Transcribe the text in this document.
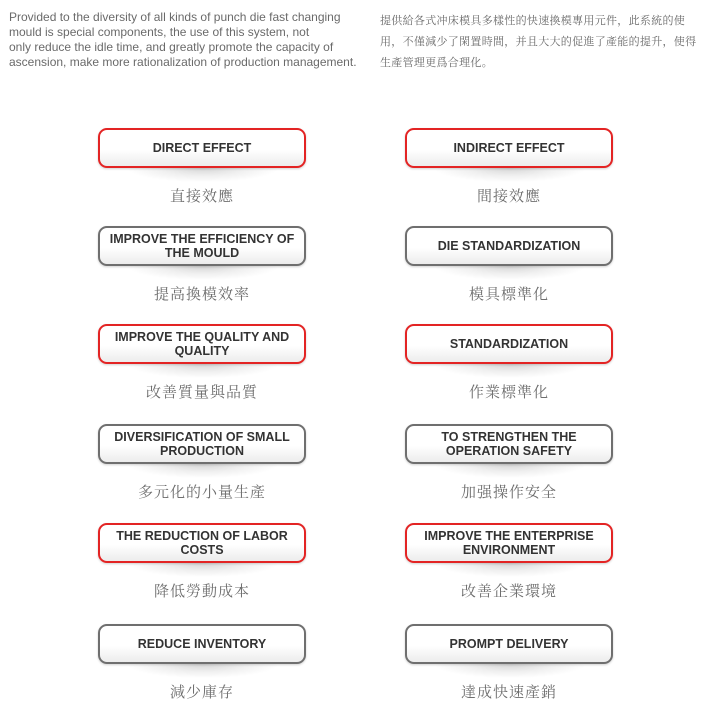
Provided to the diversity of all kinds of punch die fast changing
mould is special components, the use of this system, not
only reduce the idle time, and greatly promote the capacity of
ascension, make more rationalization of production management.

提供給各式冲床模具多樣性的快速換模專用元件，此系統的使
用，不僅減少了閑置時間，并且大大的促進了產能的提升，使得
生產管理更爲合理化。

DIRECT EFFECT
直接效應
INDIRECT EFFECT
間接效應
IMPROVE THE EFFICIENCY OF THE MOULD
提高換模效率
DIE STANDARDIZATION
模具標準化
IMPROVE THE QUALITY AND QUALITY
改善質量與品質
STANDARDIZATION
作業標準化
DIVERSIFICATION OF SMALL PRODUCTION
多元化的小量生產
TO STRENGTHEN THE OPERATION SAFETY
加强操作安全
THE REDUCTION OF LABOR COSTS
降低勞動成本
IMPROVE THE ENTERPRISE ENVIRONMENT
改善企業環境
REDUCE INVENTORY
減少庫存
PROMPT DELIVERY
達成快速產銷
